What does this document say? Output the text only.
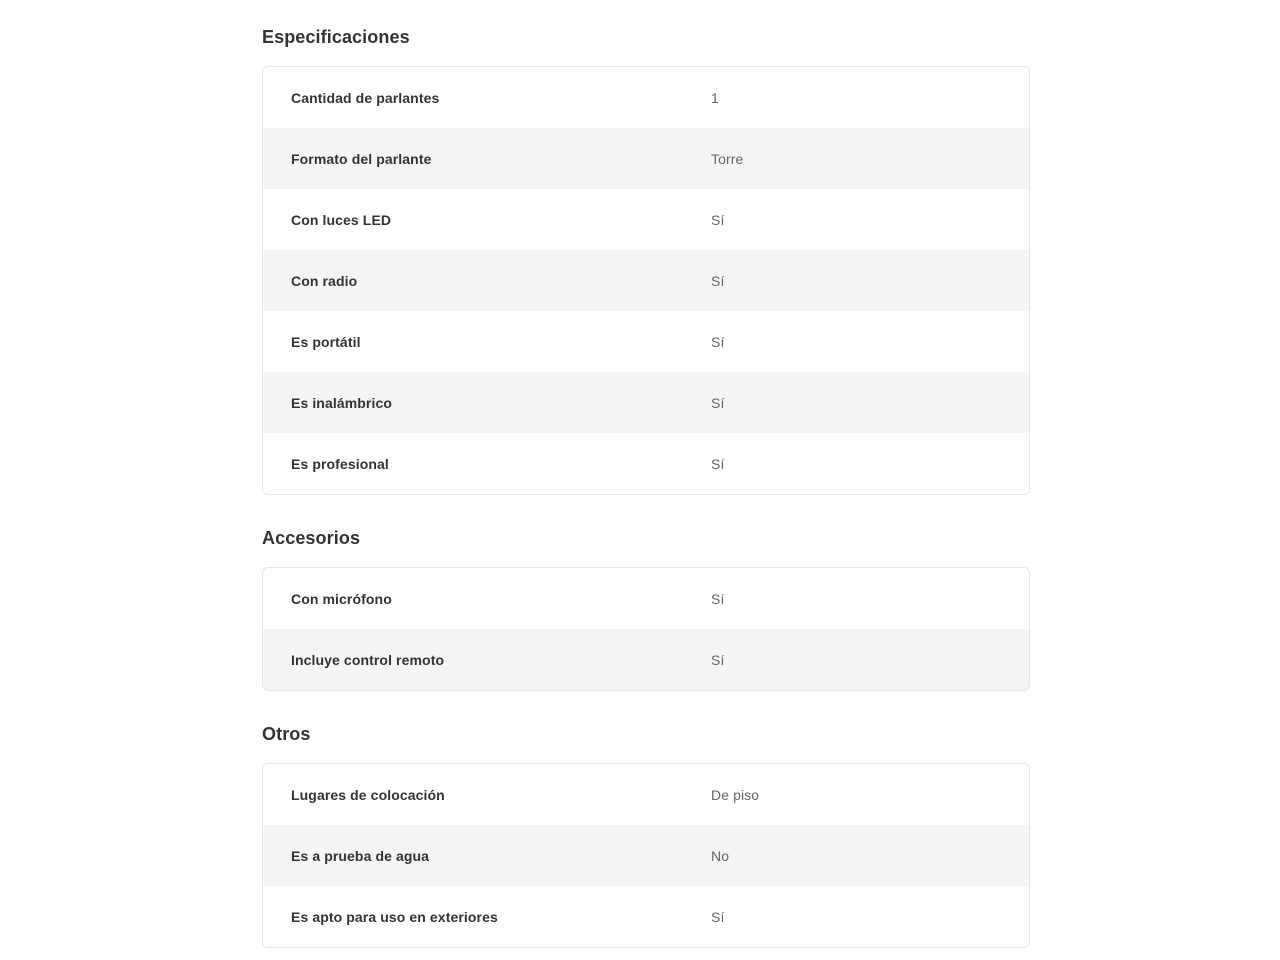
Especificaciones
Cantidad de parlantes	1
Formato del parlante	Torre
Con luces LED	Sí
Con radio	Sí
Es portátil	Sí
Es inalámbrico	Sí
Es profesional	Sí
Accesorios
Con micrófono	Sí
Incluye control remoto	Sí
Otros
Lugares de colocación	De piso
Es a prueba de agua	No
Es apto para uso en exteriores	Sí
